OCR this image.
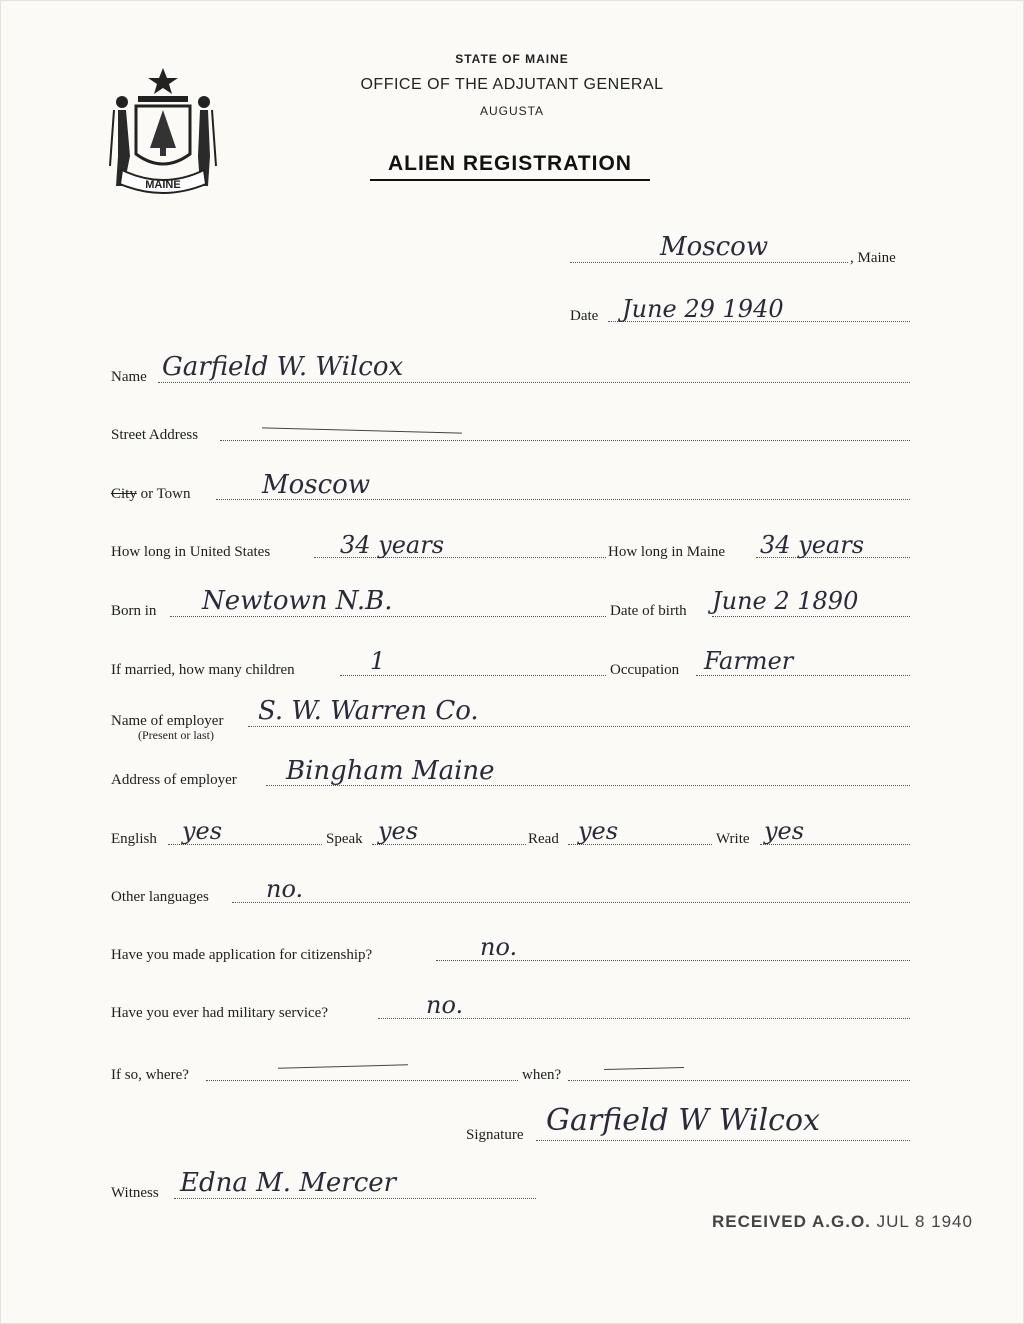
MAINE
STATE OF MAINE
OFFICE OF THE ADJUTANT GENERAL
AUGUSTA
ALIEN REGISTRATION
Moscow	, Maine
Date June 29 1940
Name Garfield W. Wilcox
Street Address
City or Town	Moscow
How long in United States	34 years	How long in Maine 34 years
Born in Newtown N.B.	Date of birth June 2 1890
If married, how many children	1	Occupation Farmer
Name of employer
(Present or last)
S. W. Warren Co.
Address of employer Bingham Maine
English yes	Speak yes	Read yes	Write yes
Other languages no.
Have you made application for citizenship?	no.
Have you ever had military service?	no.
If so, where?	when?
Signature Garfield W Wilcox
Witness Edna M. Mercer
RECEIVED A.G.O. JUL 8 1940
